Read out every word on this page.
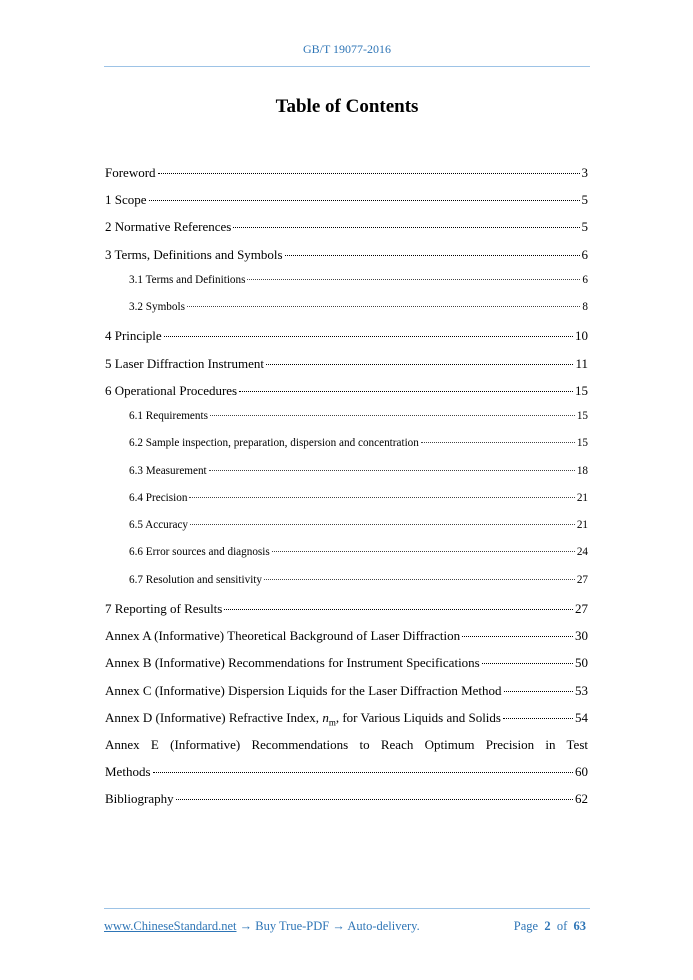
GB/T 19077-2016
Table of Contents
Foreword	3
1 Scope	5
2 Normative References	5
3 Terms, Definitions and Symbols	6
3.1 Terms and Definitions	6
3.2 Symbols	8
4 Principle	10
5 Laser Diffraction Instrument	11
6 Operational Procedures	15
6.1 Requirements	15
6.2 Sample inspection, preparation, dispersion and concentration	15
6.3 Measurement	18
6.4 Precision	21
6.5 Accuracy	21
6.6 Error sources and diagnosis	24
6.7 Resolution and sensitivity	27
7 Reporting of Results	27
Annex A (Informative) Theoretical Background of Laser Diffraction	30
Annex B (Informative) Recommendations for Instrument Specifications	50
Annex C (Informative) Dispersion Liquids for the Laser Diffraction Method	53
Annex D (Informative) Refractive Index, $n_m$, for Various Liquids and Solids	54
Annex E (Informative) Recommendations to Reach Optimum Precision in Test
Methods	60
Bibliography	62
www.ChineseStandard.net → Buy True-PDF → Auto-delivery.	Page 2 of 63
